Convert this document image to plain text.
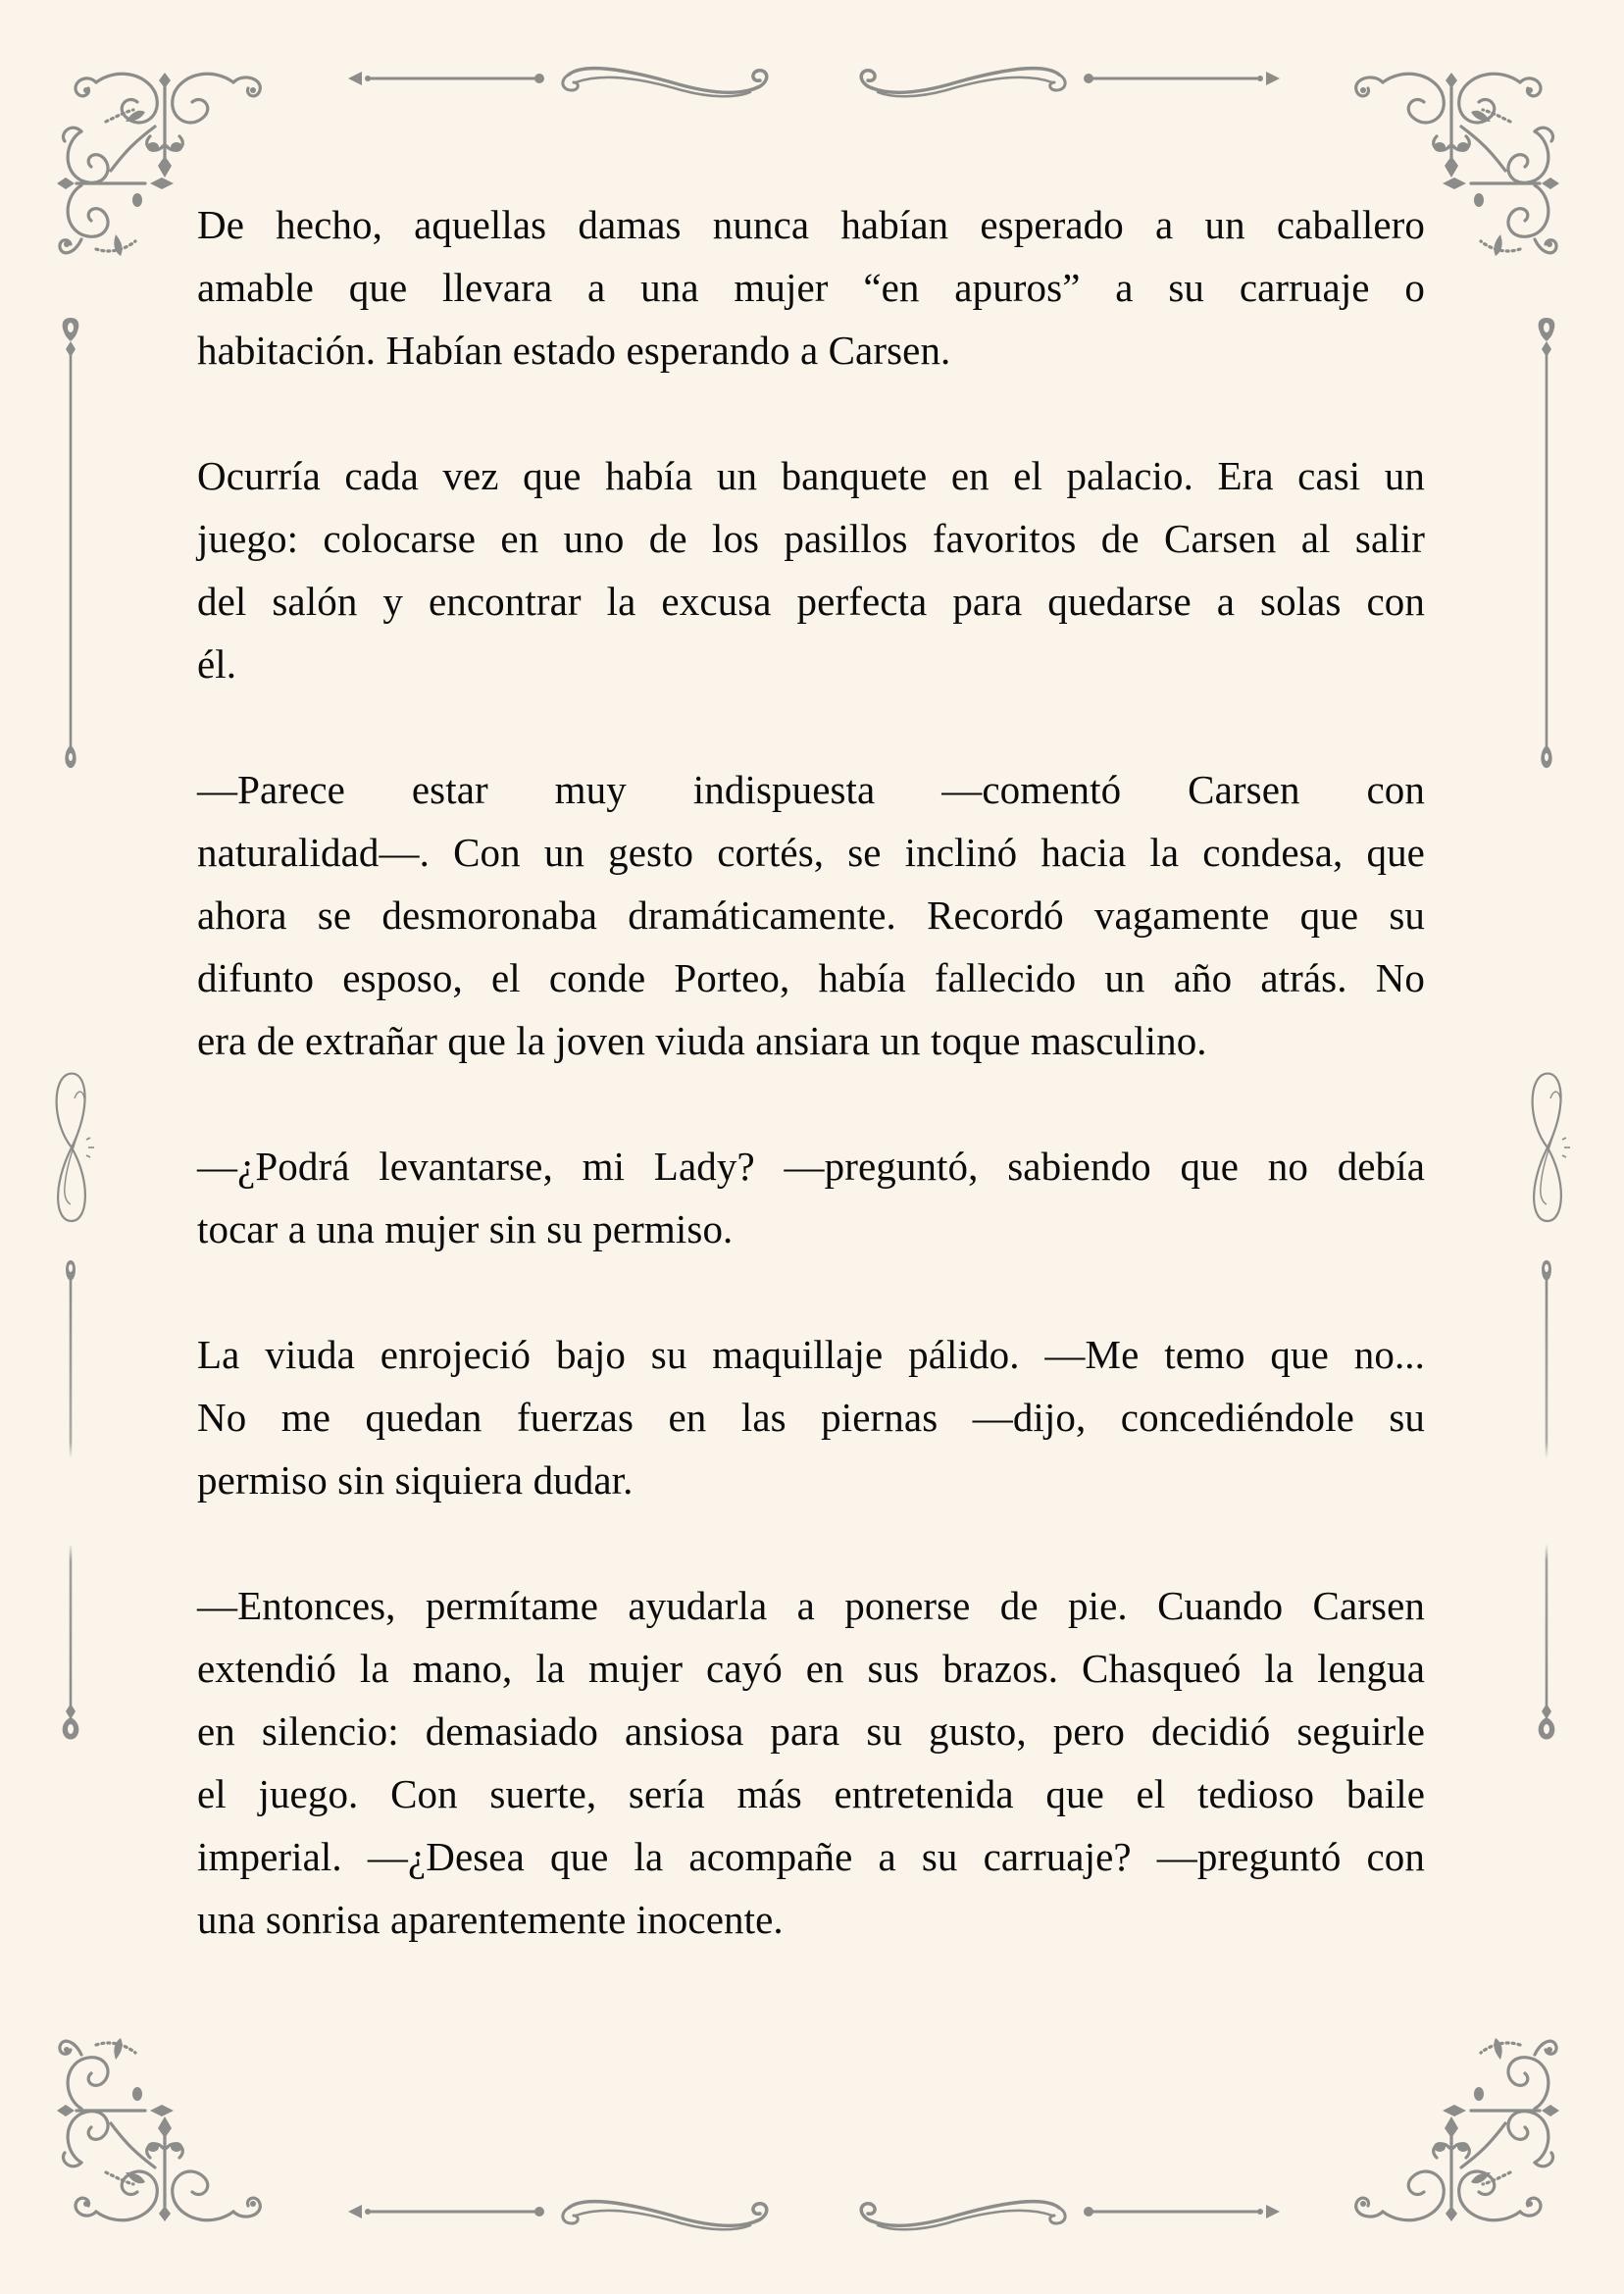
De hecho, aquellas damas nunca habían esperado a un caballero
amable que llevara a una mujer “en apuros” a su carruaje o
habitación. Habían estado esperando a Carsen.

Ocurría cada vez que había un banquete en el palacio. Era casi un
juego: colocarse en uno de los pasillos favoritos de Carsen al salir
del salón y encontrar la excusa perfecta para quedarse a solas con
él.

—Parece estar muy indispuesta —comentó Carsen con
naturalidad—. Con un gesto cortés, se inclinó hacia la condesa, que
ahora se desmoronaba dramáticamente. Recordó vagamente que su
difunto esposo, el conde Porteo, había fallecido un año atrás. No
era de extrañar que la joven viuda ansiara un toque masculino.

—¿Podrá levantarse, mi Lady? —preguntó, sabiendo que no debía
tocar a una mujer sin su permiso.

La viuda enrojeció bajo su maquillaje pálido. —Me temo que no...
No me quedan fuerzas en las piernas —dijo, concediéndole su
permiso sin siquiera dudar.

—Entonces, permítame ayudarla a ponerse de pie. Cuando Carsen
extendió la mano, la mujer cayó en sus brazos. Chasqueó la lengua
en silencio: demasiado ansiosa para su gusto, pero decidió seguirle
el juego. Con suerte, sería más entretenida que el tedioso baile
imperial. —¿Desea que la acompañe a su carruaje? —preguntó con
una sonrisa aparentemente inocente.
